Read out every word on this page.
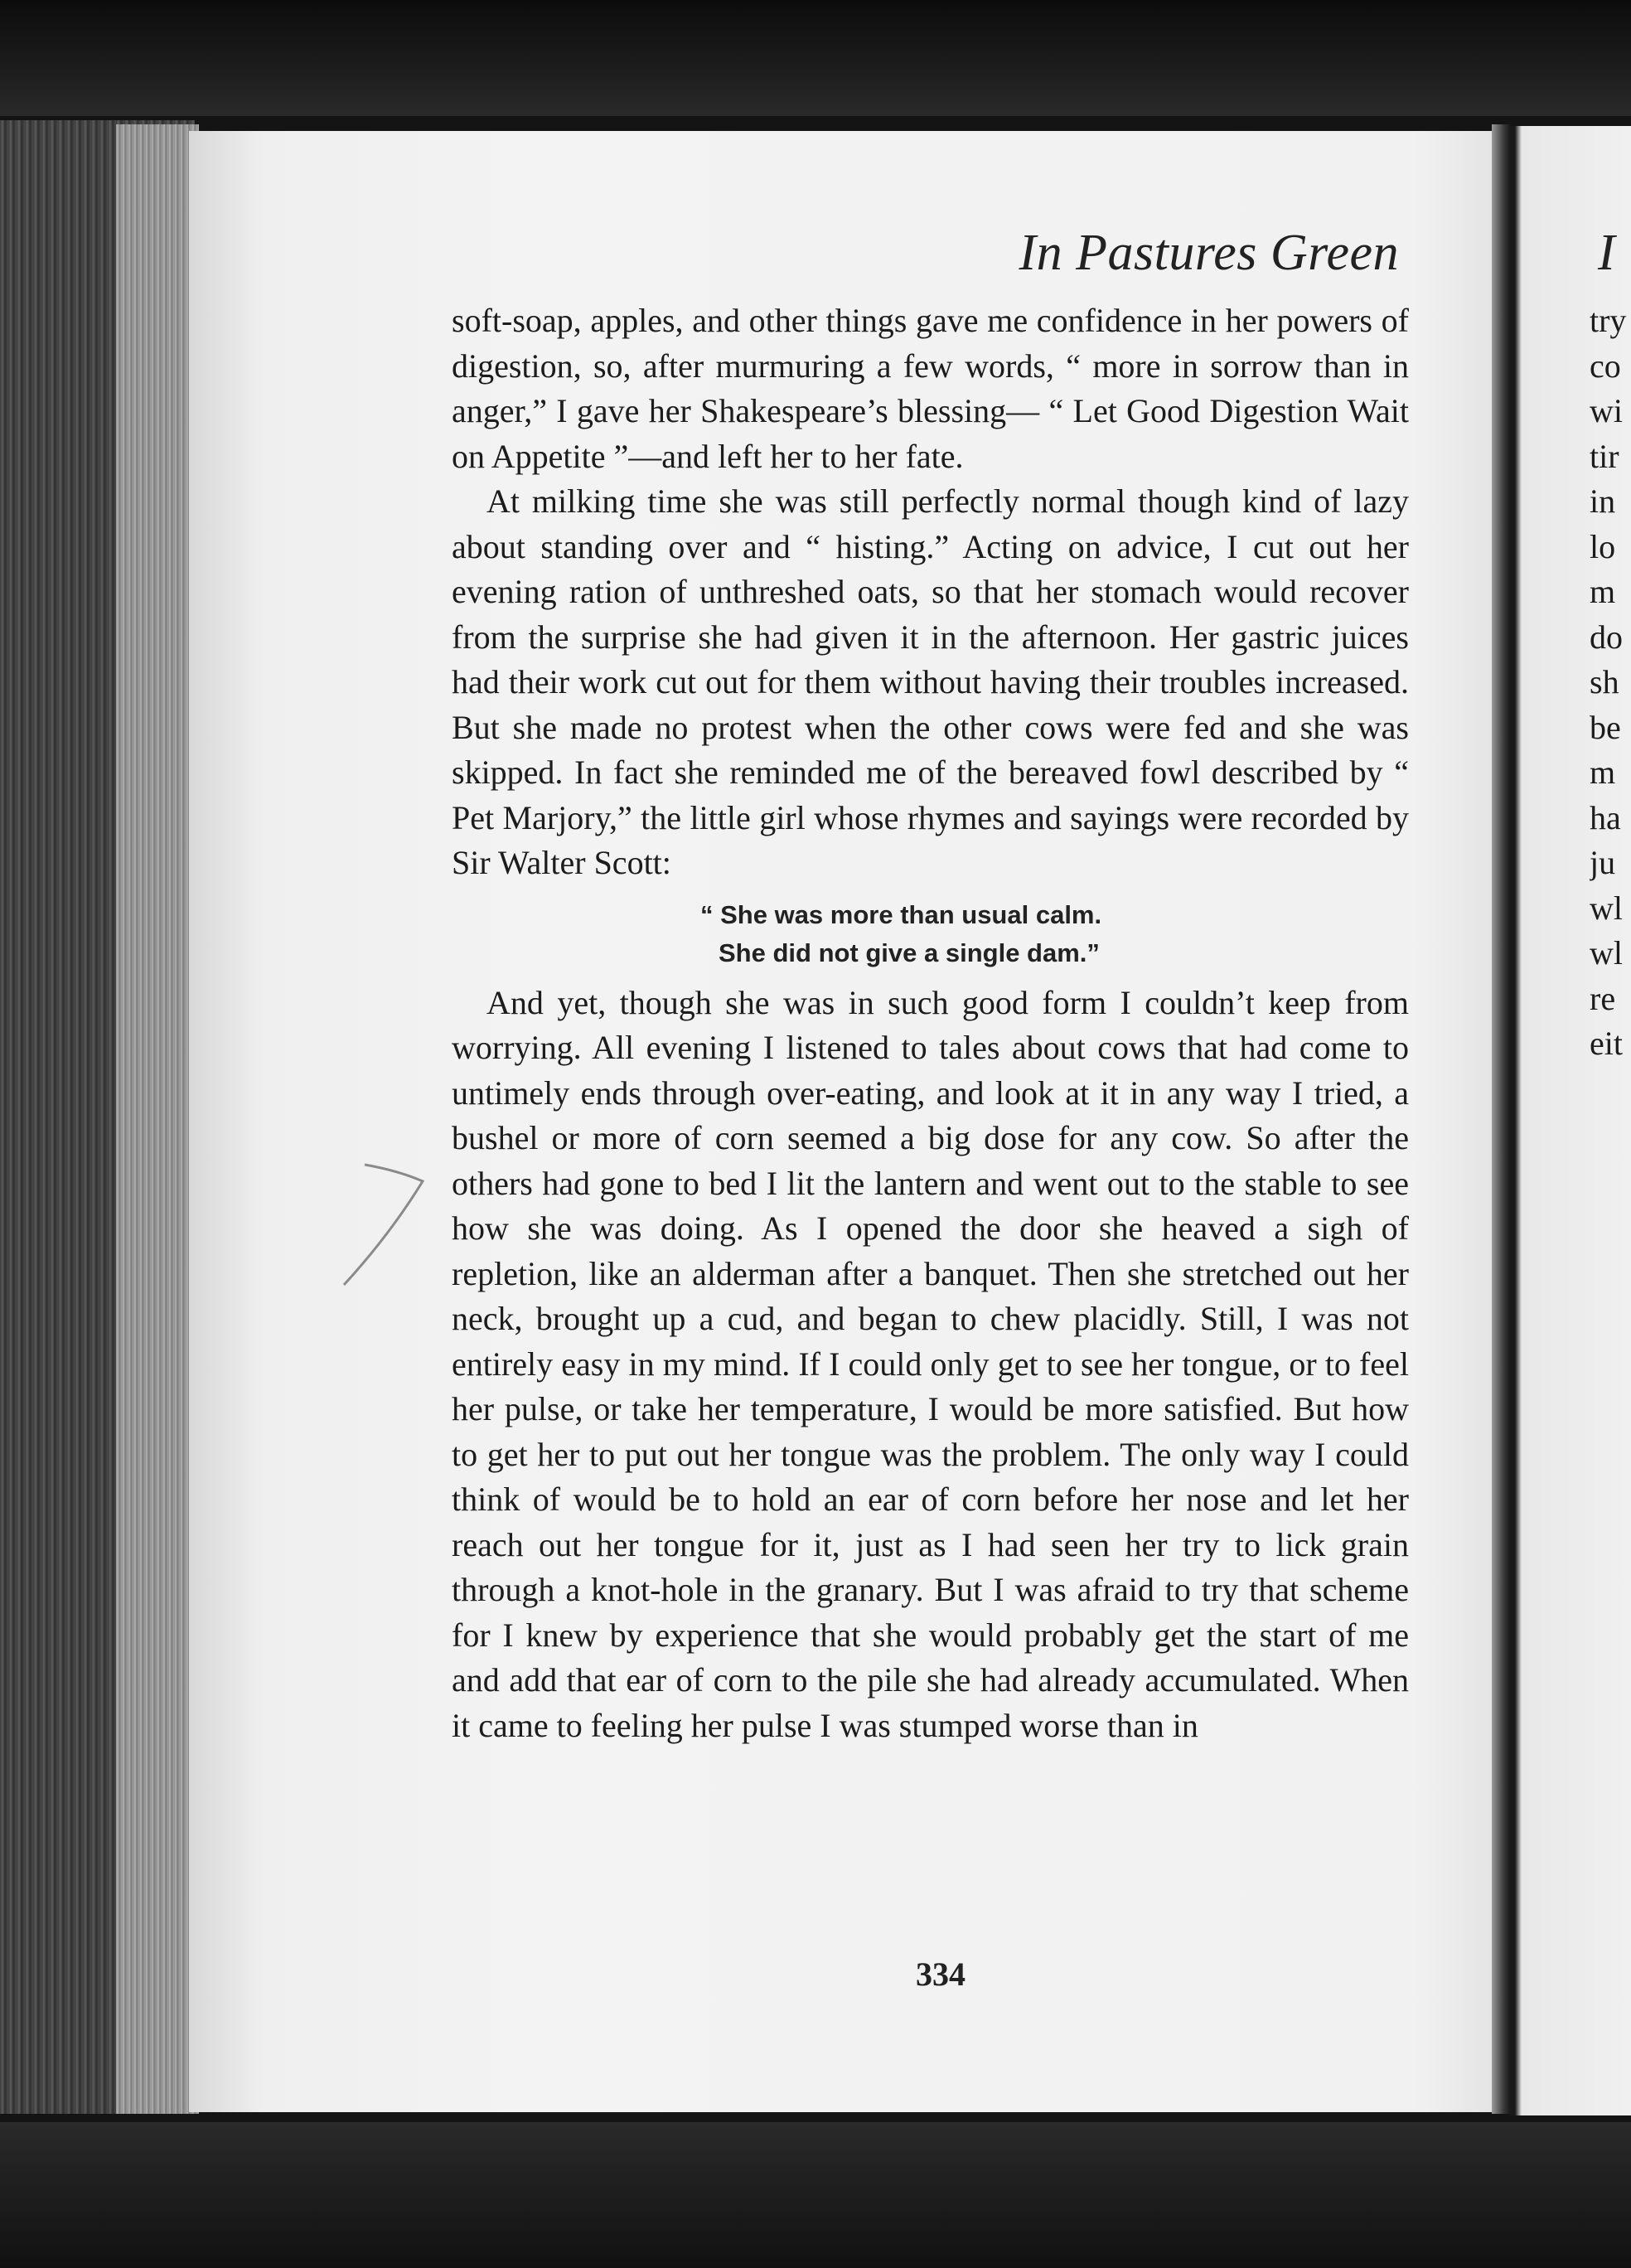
In Pastures Green

soft-soap, apples, and other things gave me confidence in her powers of digestion, so, after murmuring a few words, “ more in sorrow than in anger,” I gave her Shakespeare’s blessing— “ Let Good Digestion Wait on Appetite ”—and left her to her fate.

At milking time she was still perfectly normal though kind of lazy about standing over and “ histing.” Acting on advice, I cut out her evening ration of unthreshed oats, so that her stomach would recover from the surprise she had given it in the afternoon. Her gastric juices had their work cut out for them without having their troubles increased. But she made no protest when the other cows were fed and she was skipped. In fact she reminded me of the bereaved fowl described by “ Pet Marjory,” the little girl whose rhymes and sayings were recorded by Sir Walter Scott:

“ She was more than usual calm.
She did not give a single dam.”

And yet, though she was in such good form I couldn’t keep from worrying. All evening I listened to tales about cows that had come to untimely ends through over-eating, and look at it in any way I tried, a bushel or more of corn seemed a big dose for any cow. So after the others had gone to bed I lit the lantern and went out to the stable to see how she was doing. As I opened the door she heaved a sigh of repletion, like an alderman after a banquet. Then she stretched out her neck, brought up a cud, and began to chew placidly. Still, I was not entirely easy in my mind. If I could only get to see her tongue, or to feel her pulse, or take her temperature, I would be more satisfied. But how to get her to put out her tongue was the problem. The only way I could think of would be to hold an ear of corn before her nose and let her reach out her tongue for it, just as I had seen her try to lick grain through a knot-hole in the granary. But I was afraid to try that scheme for I knew by experience that she would probably get the start of me and add that ear of corn to the pile she had already accumulated. When it came to feeling her pulse I was stumped worse than in

334
I
try
co
wi
tir
in
lo
m
do
sh
be
m
ha
ju
wl
wl
re
eit
